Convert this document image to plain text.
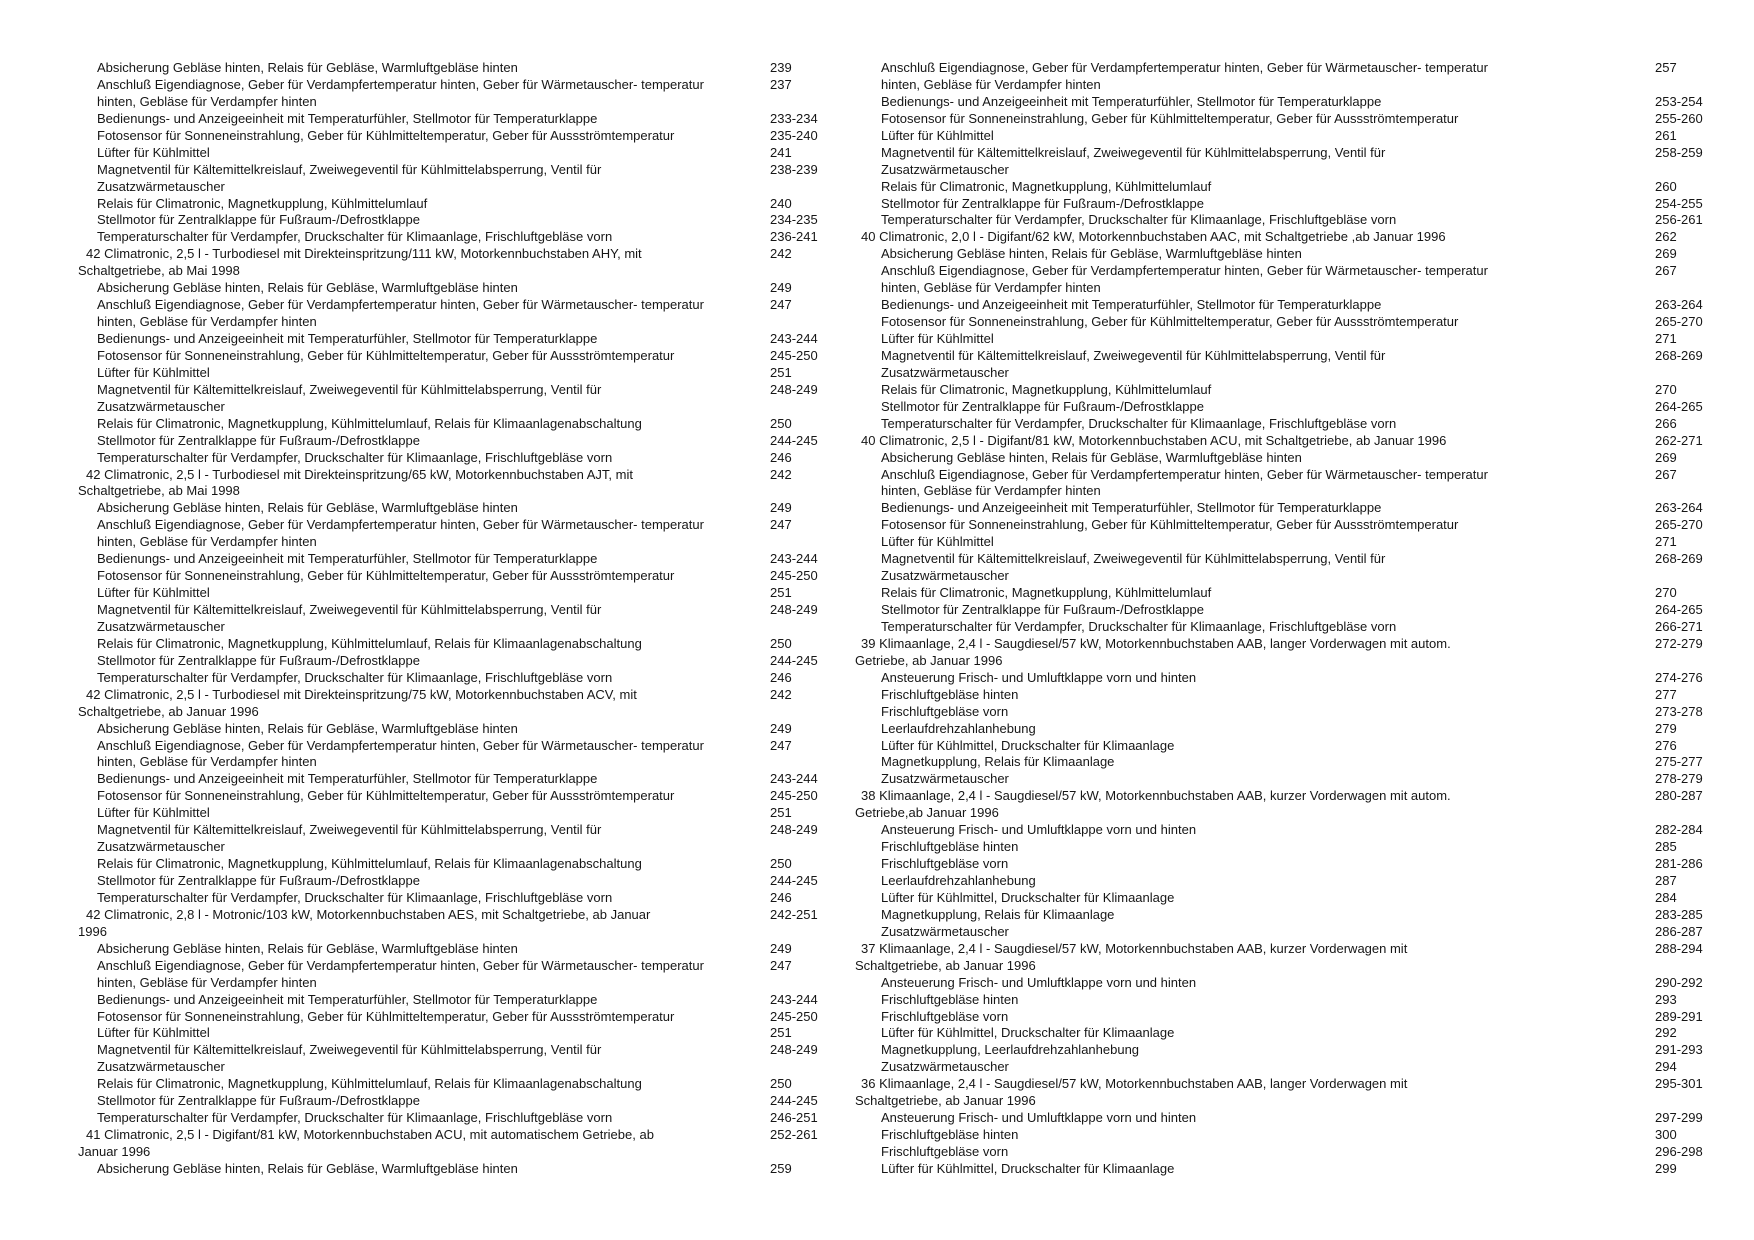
Absicherung Gebläse hinten, Relais für Gebläse, Warmluftgebläse hinten	239
Anschluß Eigendiagnose, Geber für Verdampfertemperatur hinten, Geber für Wärmetauscher- temperatur	237
hinten, Gebläse für Verdampfer hinten
Bedienungs- und Anzeigeeinheit mit Temperaturfühler, Stellmotor für Temperaturklappe	233-234
Fotosensor für Sonneneinstrahlung, Geber für Kühlmitteltemperatur, Geber für Aussströmtemperatur	235-240
Lüfter für Kühlmittel	241
Magnetventil für Kältemittelkreislauf, Zweiwegeventil für Kühlmittelabsperrung, Ventil für	238-239
Zusatzwärmetauscher
Relais für Climatronic, Magnetkupplung, Kühlmittelumlauf	240
Stellmotor für Zentralklappe für Fußraum-/Defrostklappe	234-235
Temperaturschalter für Verdampfer, Druckschalter für Klimaanlage, Frischluftgebläse vorn	236-241
42 Climatronic, 2,5 l - Turbodiesel mit Direkteinspritzung/111 kW, Motorkennbuchstaben AHY, mit	242
Schaltgetriebe, ab Mai 1998
Absicherung Gebläse hinten, Relais für Gebläse, Warmluftgebläse hinten	249
Anschluß Eigendiagnose, Geber für Verdampfertemperatur hinten, Geber für Wärmetauscher- temperatur	247
hinten, Gebläse für Verdampfer hinten
Bedienungs- und Anzeigeeinheit mit Temperaturfühler, Stellmotor für Temperaturklappe	243-244
Fotosensor für Sonneneinstrahlung, Geber für Kühlmitteltemperatur, Geber für Aussströmtemperatur	245-250
Lüfter für Kühlmittel	251
Magnetventil für Kältemittelkreislauf, Zweiwegeventil für Kühlmittelabsperrung, Ventil für	248-249
Zusatzwärmetauscher
Relais für Climatronic, Magnetkupplung, Kühlmittelumlauf, Relais für Klimaanlagenabschaltung	250
Stellmotor für Zentralklappe für Fußraum-/Defrostklappe	244-245
Temperaturschalter für Verdampfer, Druckschalter für Klimaanlage, Frischluftgebläse vorn	246
42 Climatronic, 2,5 l - Turbodiesel mit Direkteinspritzung/65 kW, Motorkennbuchstaben AJT, mit	242
Schaltgetriebe, ab Mai 1998
Absicherung Gebläse hinten, Relais für Gebläse, Warmluftgebläse hinten	249
Anschluß Eigendiagnose, Geber für Verdampfertemperatur hinten, Geber für Wärmetauscher- temperatur	247
hinten, Gebläse für Verdampfer hinten
Bedienungs- und Anzeigeeinheit mit Temperaturfühler, Stellmotor für Temperaturklappe	243-244
Fotosensor für Sonneneinstrahlung, Geber für Kühlmitteltemperatur, Geber für Aussströmtemperatur	245-250
Lüfter für Kühlmittel	251
Magnetventil für Kältemittelkreislauf, Zweiwegeventil für Kühlmittelabsperrung, Ventil für	248-249
Zusatzwärmetauscher
Relais für Climatronic, Magnetkupplung, Kühlmittelumlauf, Relais für Klimaanlagenabschaltung	250
Stellmotor für Zentralklappe für Fußraum-/Defrostklappe	244-245
Temperaturschalter für Verdampfer, Druckschalter für Klimaanlage, Frischluftgebläse vorn	246
42 Climatronic, 2,5 l - Turbodiesel mit Direkteinspritzung/75 kW, Motorkennbuchstaben ACV, mit	242
Schaltgetriebe, ab Januar 1996
Absicherung Gebläse hinten, Relais für Gebläse, Warmluftgebläse hinten	249
Anschluß Eigendiagnose, Geber für Verdampfertemperatur hinten, Geber für Wärmetauscher- temperatur	247
hinten, Gebläse für Verdampfer hinten
Bedienungs- und Anzeigeeinheit mit Temperaturfühler, Stellmotor für Temperaturklappe	243-244
Fotosensor für Sonneneinstrahlung, Geber für Kühlmitteltemperatur, Geber für Aussströmtemperatur	245-250
Lüfter für Kühlmittel	251
Magnetventil für Kältemittelkreislauf, Zweiwegeventil für Kühlmittelabsperrung, Ventil für	248-249
Zusatzwärmetauscher
Relais für Climatronic, Magnetkupplung, Kühlmittelumlauf, Relais für Klimaanlagenabschaltung	250
Stellmotor für Zentralklappe für Fußraum-/Defrostklappe	244-245
Temperaturschalter für Verdampfer, Druckschalter für Klimaanlage, Frischluftgebläse vorn	246
42 Climatronic, 2,8 l - Motronic/103 kW, Motorkennbuchstaben AES, mit Schaltgetriebe, ab Januar	242-251
1996
Absicherung Gebläse hinten, Relais für Gebläse, Warmluftgebläse hinten	249
Anschluß Eigendiagnose, Geber für Verdampfertemperatur hinten, Geber für Wärmetauscher- temperatur	247
hinten, Gebläse für Verdampfer hinten
Bedienungs- und Anzeigeeinheit mit Temperaturfühler, Stellmotor für Temperaturklappe	243-244
Fotosensor für Sonneneinstrahlung, Geber für Kühlmitteltemperatur, Geber für Aussströmtemperatur	245-250
Lüfter für Kühlmittel	251
Magnetventil für Kältemittelkreislauf, Zweiwegeventil für Kühlmittelabsperrung, Ventil für	248-249
Zusatzwärmetauscher
Relais für Climatronic, Magnetkupplung, Kühlmittelumlauf, Relais für Klimaanlagenabschaltung	250
Stellmotor für Zentralklappe für Fußraum-/Defrostklappe	244-245
Temperaturschalter für Verdampfer, Druckschalter für Klimaanlage, Frischluftgebläse vorn	246-251
41 Climatronic, 2,5 l - Digifant/81 kW, Motorkennbuchstaben ACU, mit automatischem Getriebe, ab	252-261
Januar 1996
Absicherung Gebläse hinten, Relais für Gebläse, Warmluftgebläse hinten	259
Anschluß Eigendiagnose, Geber für Verdampfertemperatur hinten, Geber für Wärmetauscher- temperatur	257
hinten, Gebläse für Verdampfer hinten
Bedienungs- und Anzeigeeinheit mit Temperaturfühler, Stellmotor für Temperaturklappe	253-254
Fotosensor für Sonneneinstrahlung, Geber für Kühlmitteltemperatur, Geber für Aussströmtemperatur	255-260
Lüfter für Kühlmittel	261
Magnetventil für Kältemittelkreislauf, Zweiwegeventil für Kühlmittelabsperrung, Ventil für	258-259
Zusatzwärmetauscher
Relais für Climatronic, Magnetkupplung, Kühlmittelumlauf	260
Stellmotor für Zentralklappe für Fußraum-/Defrostklappe	254-255
Temperaturschalter für Verdampfer, Druckschalter für Klimaanlage, Frischluftgebläse vorn	256-261
40 Climatronic, 2,0 l - Digifant/62 kW, Motorkennbuchstaben AAC, mit Schaltgetriebe ,ab Januar 1996	262
Absicherung Gebläse hinten, Relais für Gebläse, Warmluftgebläse hinten	269
Anschluß Eigendiagnose, Geber für Verdampfertemperatur hinten, Geber für Wärmetauscher- temperatur	267
hinten, Gebläse für Verdampfer hinten
Bedienungs- und Anzeigeeinheit mit Temperaturfühler, Stellmotor für Temperaturklappe	263-264
Fotosensor für Sonneneinstrahlung, Geber für Kühlmitteltemperatur, Geber für Aussströmtemperatur	265-270
Lüfter für Kühlmittel	271
Magnetventil für Kältemittelkreislauf, Zweiwegeventil für Kühlmittelabsperrung, Ventil für	268-269
Zusatzwärmetauscher
Relais für Climatronic, Magnetkupplung, Kühlmittelumlauf	270
Stellmotor für Zentralklappe für Fußraum-/Defrostklappe	264-265
Temperaturschalter für Verdampfer, Druckschalter für Klimaanlage, Frischluftgebläse vorn	266
40 Climatronic, 2,5 l - Digifant/81 kW, Motorkennbuchstaben ACU, mit Schaltgetriebe, ab Januar 1996	262-271
Absicherung Gebläse hinten, Relais für Gebläse, Warmluftgebläse hinten	269
Anschluß Eigendiagnose, Geber für Verdampfertemperatur hinten, Geber für Wärmetauscher- temperatur	267
hinten, Gebläse für Verdampfer hinten
Bedienungs- und Anzeigeeinheit mit Temperaturfühler, Stellmotor für Temperaturklappe	263-264
Fotosensor für Sonneneinstrahlung, Geber für Kühlmitteltemperatur, Geber für Aussströmtemperatur	265-270
Lüfter für Kühlmittel	271
Magnetventil für Kältemittelkreislauf, Zweiwegeventil für Kühlmittelabsperrung, Ventil für	268-269
Zusatzwärmetauscher
Relais für Climatronic, Magnetkupplung, Kühlmittelumlauf	270
Stellmotor für Zentralklappe für Fußraum-/Defrostklappe	264-265
Temperaturschalter für Verdampfer, Druckschalter für Klimaanlage, Frischluftgebläse vorn	266-271
39 Klimaanlage, 2,4 l - Saugdiesel/57 kW, Motorkennbuchstaben AAB, langer Vorderwagen mit autom.	272-279
Getriebe, ab Januar 1996
Ansteuerung Frisch- und Umluftklappe vorn und hinten	274-276
Frischluftgebläse hinten	277
Frischluftgebläse vorn	273-278
Leerlaufdrehzahlanhebung	279
Lüfter für Kühlmittel, Druckschalter für Klimaanlage	276
Magnetkupplung, Relais für Klimaanlage	275-277
Zusatzwärmetauscher	278-279
38 Klimaanlage, 2,4 l - Saugdiesel/57 kW, Motorkennbuchstaben AAB, kurzer Vorderwagen mit autom.	280-287
Getriebe,ab Januar 1996
Ansteuerung Frisch- und Umluftklappe vorn und hinten	282-284
Frischluftgebläse hinten	285
Frischluftgebläse vorn	281-286
Leerlaufdrehzahlanhebung	287
Lüfter für Kühlmittel, Druckschalter für Klimaanlage	284
Magnetkupplung, Relais für Klimaanlage	283-285
Zusatzwärmetauscher	286-287
37 Klimaanlage, 2,4 l - Saugdiesel/57 kW, Motorkennbuchstaben AAB, kurzer Vorderwagen mit	288-294
Schaltgetriebe, ab Januar 1996
Ansteuerung Frisch- und Umluftklappe vorn und hinten	290-292
Frischluftgebläse hinten	293
Frischluftgebläse vorn	289-291
Lüfter für Kühlmittel, Druckschalter für Klimaanlage	292
Magnetkupplung, Leerlaufdrehzahlanhebung	291-293
Zusatzwärmetauscher	294
36 Klimaanlage, 2,4 l - Saugdiesel/57 kW, Motorkennbuchstaben AAB, langer Vorderwagen mit	295-301
Schaltgetriebe, ab Januar 1996
Ansteuerung Frisch- und Umluftklappe vorn und hinten	297-299
Frischluftgebläse hinten	300
Frischluftgebläse vorn	296-298
Lüfter für Kühlmittel, Druckschalter für Klimaanlage	299
